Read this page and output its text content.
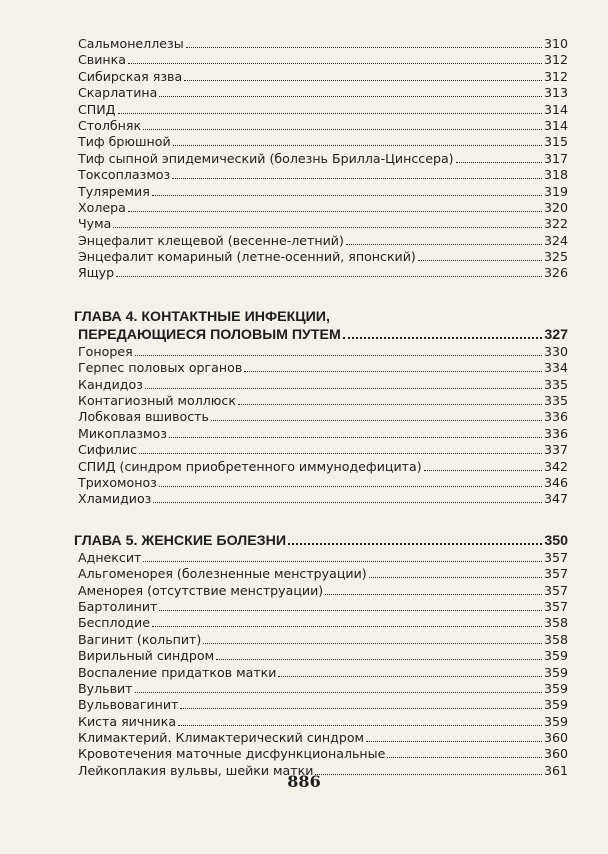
Сальмонеллезы	310
Свинка	312
Сибирская язва	312
Скарлатина	313
СПИД	314
Столбняк	314
Тиф брюшной	315
Тиф сыпной эпидемический (болезнь Брилла-Цинссера)	317
Токсоплазмоз	318
Туляремия	319
Холера	320
Чума	322
Энцефалит клещевой (весенне-летний)	324
Энцефалит комариный (летне-осенний, японский)	325
Ящур	326
ГЛАВА 4. КОНТАКТНЫЕ ИНФЕКЦИИ,
ПЕРЕДАЮЩИЕСЯ ПОЛОВЫМ ПУТЕМ	327
Гонорея	330
Герпес половых органов	334
Кандидоз	335
Контагиозный моллюск	335
Лобковая вшивость	336
Микоплазмоз	336
Сифилис	337
СПИД (синдром приобретенного иммунодефицита)	342
Трихомоноз	346
Хламидиоз	347
ГЛАВА 5. ЖЕНСКИЕ БОЛЕЗНИ	350
Аднексит	357
Альгоменорея (болезненные менструации)	357
Аменорея (отсутствие менструации)	357
Бартолинит	357
Бесплодие	358
Вагинит (кольпит)	358
Вирильный синдром	359
Воспаление придатков матки	359
Вульвит	359
Вульвовагинит	359
Киста яичника	359
Климактерий. Климактерический синдром	360
Кровотечения маточные дисфункциональные	360
Лейкоплакия вульвы, шейки матки	361
886
